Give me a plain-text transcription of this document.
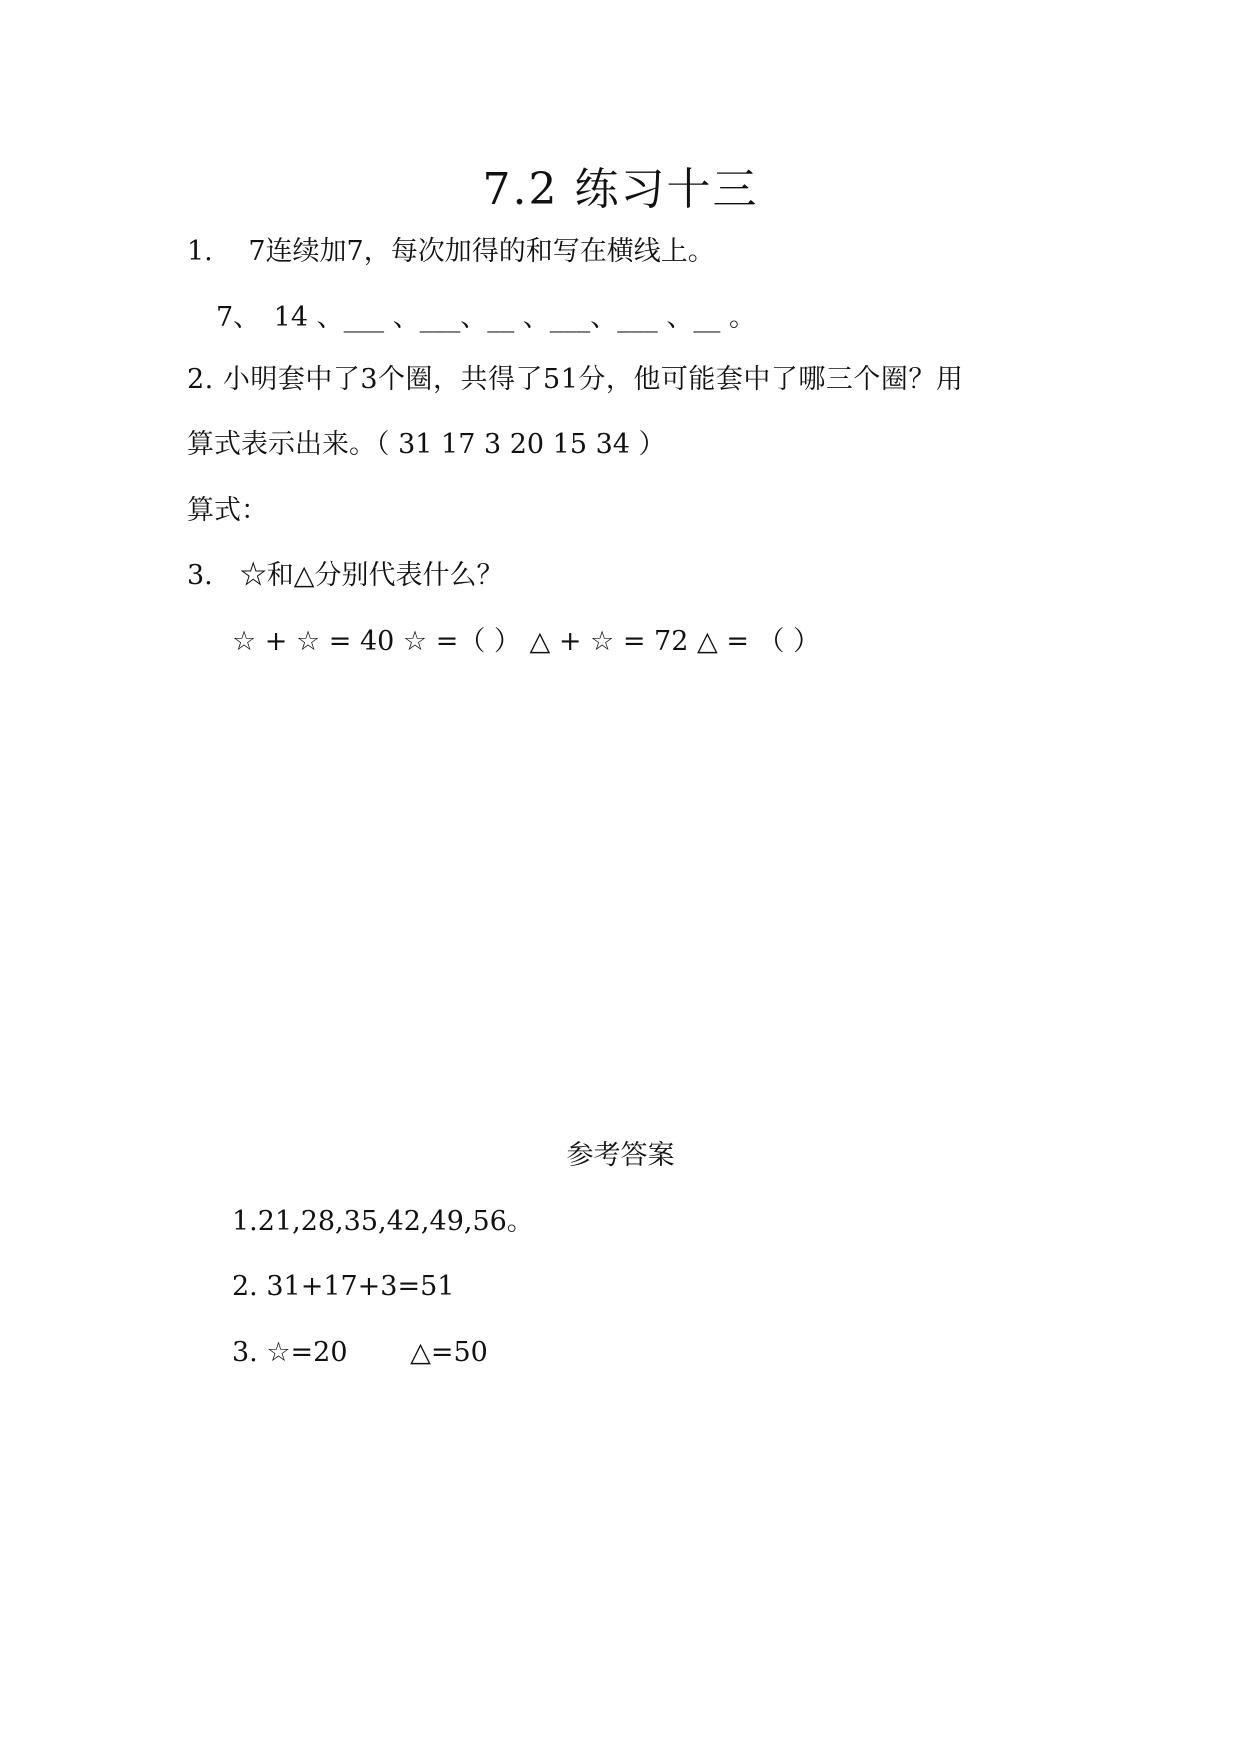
7.2 练习十三
1.　 7连续加7，每次加得的和写在横线上。
7、　14 、___ 、___、__ 、___、___ 、__ 。
2. 小明套中了3个圈，共得了51分，他可能套中了哪三个圈？用
算式表示出来。（ 31 17 3 20 15 34 ）
算式：
3.　☆和△分别代表什么？
☆ + ☆ = 40 ☆ =（ ） △ + ☆ = 72 △ = （ ）
参考答案
1.21,28,35,42,49,56。
2. 31+17+3=51
3. ☆=20　　 △=50
